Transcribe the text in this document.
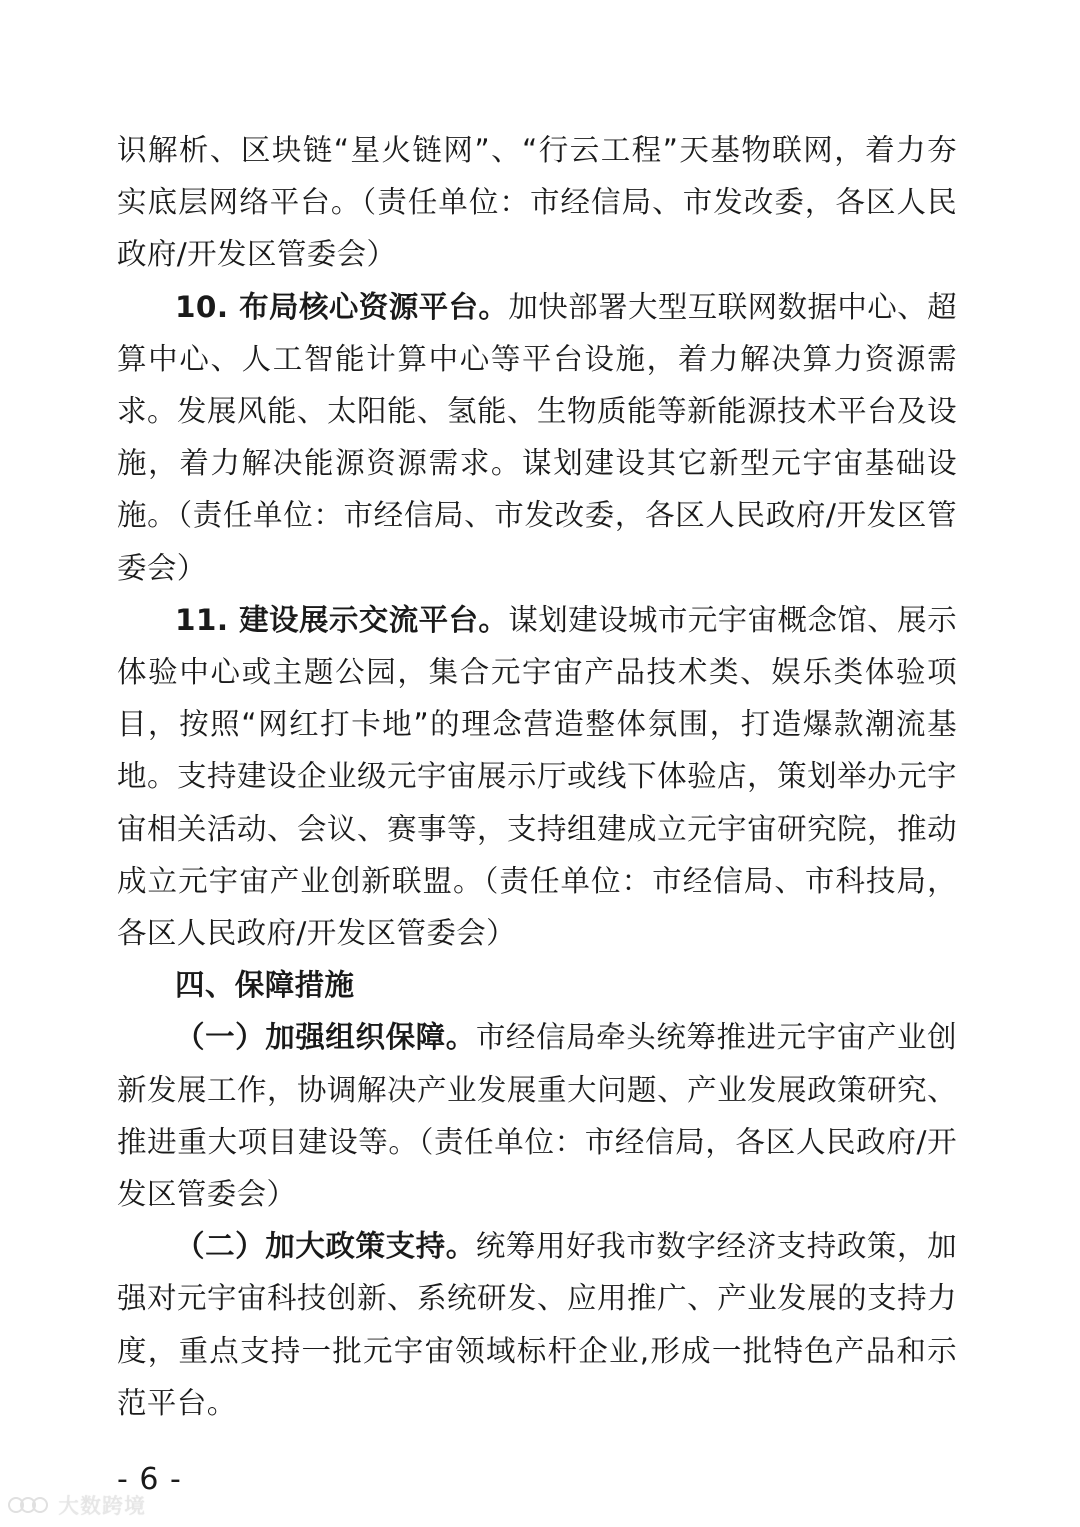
识解析、区块链“星火链网”、“行云工程”天基物联网，着力夯实底层网络平台。（责任单位：市经信局、市发改委，各区人民政府/开发区管委会）

10. 布局核心资源平台。加快部署大型互联网数据中心、超算中心、人工智能计算中心等平台设施，着力解决算力资源需求。发展风能、太阳能、氢能、生物质能等新能源技术平台及设施，着力解决能源资源需求。谋划建设其它新型元宇宙基础设施。（责任单位：市经信局、市发改委，各区人民政府/开发区管委会）

11. 建设展示交流平台。谋划建设城市元宇宙概念馆、展示体验中心或主题公园，集合元宇宙产品技术类、娱乐类体验项目，按照“网红打卡地”的理念营造整体氛围，打造爆款潮流基地。支持建设企业级元宇宙展示厅或线下体验店，策划举办元宇宙相关活动、会议、赛事等，支持组建成立元宇宙研究院，推动成立元宇宙产业创新联盟。（责任单位：市经信局、市科技局，各区人民政府/开发区管委会）

四、保障措施

（一）加强组织保障。市经信局牵头统筹推进元宇宙产业创新发展工作，协调解决产业发展重大问题、产业发展政策研究、推进重大项目建设等。（责任单位：市经信局，各区人民政府/开发区管委会）

（二）加大政策支持。统筹用好我市数字经济支持政策，加强对元宇宙科技创新、系统研发、应用推广、产业发展的支持力度，重点支持一批元宇宙领域标杆企业,形成一批特色产品和示范平台。

- 6 -
大数跨境
